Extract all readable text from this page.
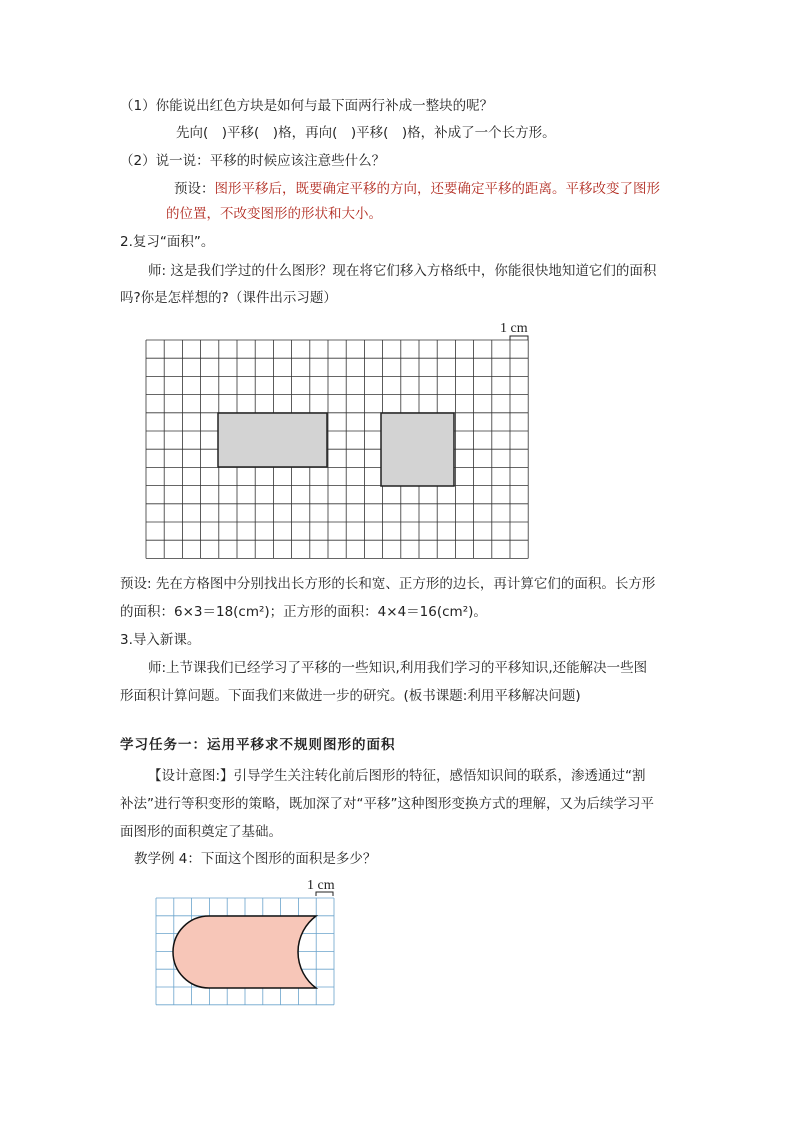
（1）你能说出红色方块是如何与最下面两行补成一整块的呢？
先向(　)平移(　)格，再向(　)平移(　)格，补成了一个长方形。
（2）说一说：平移的时候应该注意些什么？
预设：图形平移后，既要确定平移的方向，还要确定平移的距离。平移改变了图形
的位置，不改变图形的形状和大小。
2.复习“面积”。
师: 这是我们学过的什么图形？现在将它们移入方格纸中，你能很快地知道它们的面积
吗?你是怎样想的?（课件出示习题）
1 cm
预设: 先在方格图中分别找出长方形的长和宽、正方形的边长，再计算它们的面积。长方形
的面积：6×3＝18(cm²)；正方形的面积：4×4＝16(cm²)。
3.导入新课。
师:上节课我们已经学习了平移的一些知识,利用我们学习的平移知识,还能解决一些图
形面积计算问题。下面我们来做进一步的研究。(板书课题:利用平移解决问题)
学习任务一：运用平移求不规则图形的面积
【设计意图:】引导学生关注转化前后图形的特征，感悟知识间的联系，渗透通过“割
补法”进行等积变形的策略，既加深了对“平移”这种图形变换方式的理解，又为后续学习平
面图形的面积奠定了基础。
教学例 4：下面这个图形的面积是多少？
1 cm
